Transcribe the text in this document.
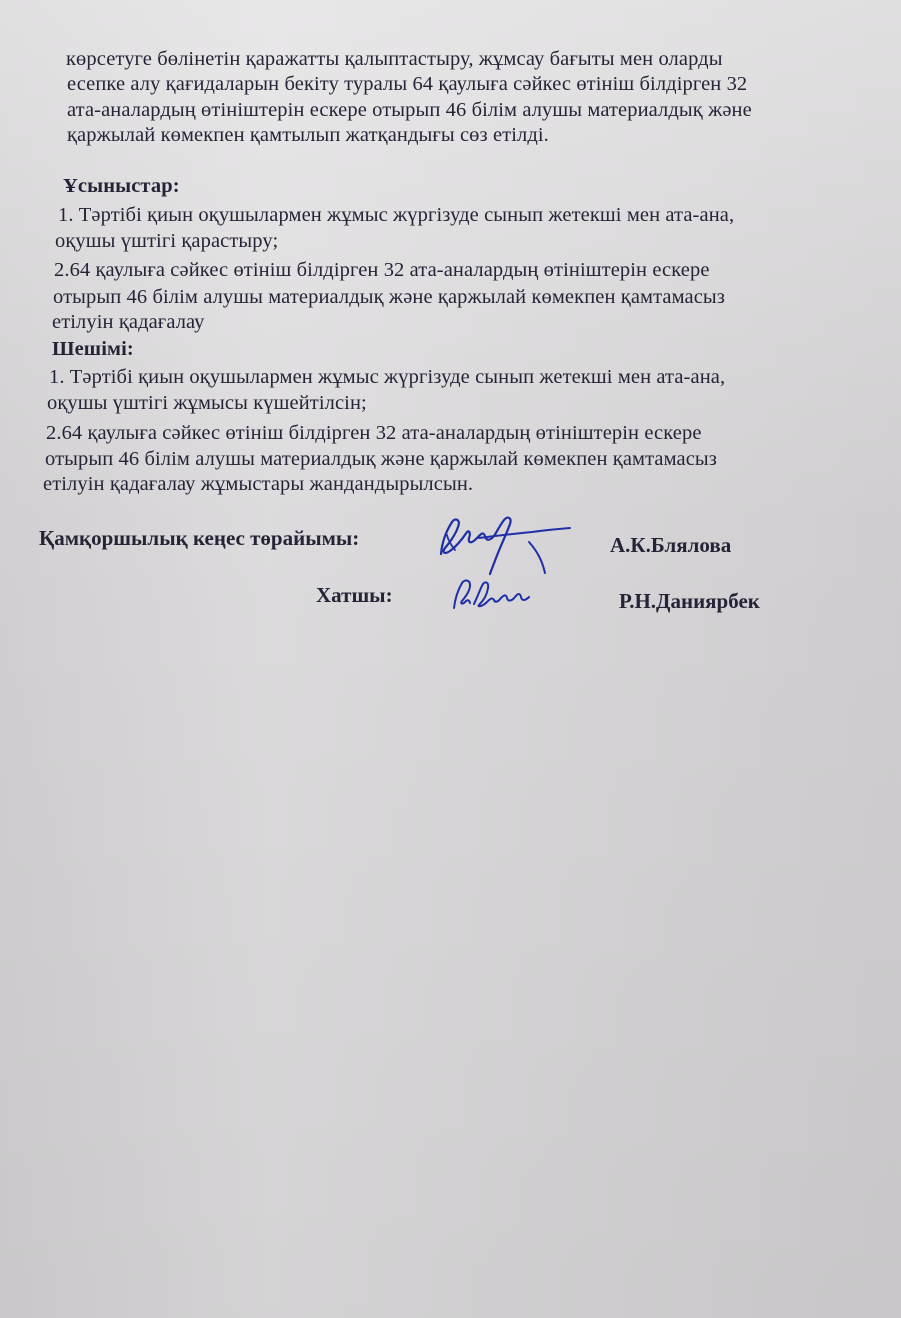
көрсетуге бөлінетін қаражатты қалыптастыру, жұмсау бағыты мен оларды
есепке алу қағидаларын бекіту туралы 64 қаулыға сәйкес өтініш білдірген 32
ата-аналардың өтініштерін ескере отырып 46 білім алушы материалдық және
қаржылай көмекпен қамтылып жатқандығы сөз етілді.
Ұсыныстар:
1. Тәртібі қиын оқушылармен жұмыс жүргізуде сынып жетекші мен ата-ана,
оқушы үштігі қарастыру;
2.64 қаулыға сәйкес өтініш білдірген 32 ата-аналардың өтініштерін ескере
отырып 46 білім алушы материалдық және қаржылай көмекпен қамтамасыз
етілуін қадағалау
Шешімі:
1. Тәртібі қиын оқушылармен жұмыс жүргізуде сынып жетекші мен ата-ана,
оқушы үштігі жұмысы күшейтілсін;
2.64 қаулыға сәйкес өтініш білдірген 32 ата-аналардың өтініштерін ескере
отырып 46 білім алушы материалдық және қаржылай көмекпен қамтамасыз
етілуін қадағалау жұмыстары жандандырылсын.
Қамқоршылық кеңес төрайымы:	А.К.Блялова
Хатшы:	Р.Н.Данияpбек
